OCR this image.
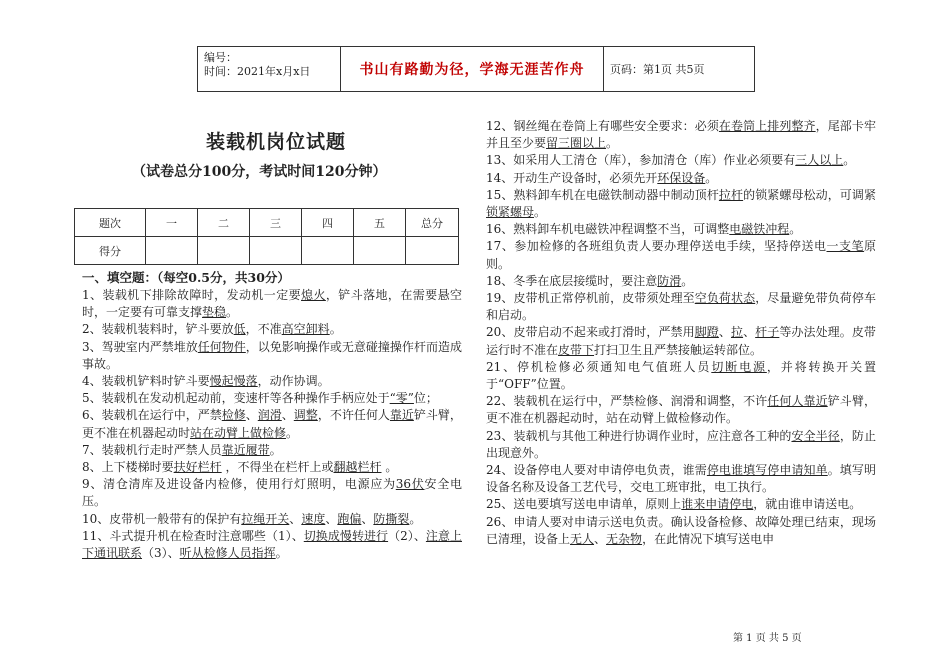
编号：
时间：2021年x月x日	书山有路勤为径，学海无涯苦作舟	页码：第1页 共5页
装载机岗位试题
（试卷总分100分，考试时间120分钟）
题次	一	二	三	四	五	总分
得分						
一、填空题：（每空0.5分，共30分）

1、装载机下排除故障时，发动机一定要熄火，铲斗落地，在需要悬空时，一定要有可靠支撑垫稳。

2、装载机装料时，铲斗要放低，不准高空卸料。

3、驾驶室内严禁堆放任何物件，以免影响操作或无意碰撞操作杆而造成事故。

4、装载机铲料时铲斗要慢起慢落，动作协调。

5、装载机在发动机起动前，变速杆等各种操作手柄应处于“零”位；

6、装载机在运行中，严禁检修、润滑、调整，不许任何人靠近铲斗臂，更不准在机器起动时站在动臂上做检修。

7、装载机行走时严禁人员靠近履带。

8、上下楼梯时要扶好栏杆 ，不得坐在栏杆上或翻越栏杆 。

9、清仓清库及进设备内检修，使用行灯照明，电源应为36伏安全电压。

10、皮带机一般带有的保护有拉绳开关、速度、跑偏、防撕裂。

11、斗式提升机在检查时注意哪些（1）、切换成慢转进行（2）、注意上下通讯联系（3）、听从检修人员指挥。

12、钢丝绳在卷筒上有哪些安全要求：必须在卷筒上排列整齐，尾部卡牢并且至少要留三圈以上。

13、如采用人工清仓（库），参加清仓（库）作业必须要有三人以上。

14、开动生产设备时，必须先开环保设备。

15、熟料卸车机在电磁铁制动器中制动顶杆拉杆的锁紧螺母松动，可调紧锁紧螺母。

16、熟料卸车机电磁铁冲程调整不当，可调整电磁铁冲程。

17、参加检修的各班组负责人要办理停送电手续，坚持停送电一支笔原则。

18、冬季在底层接缆时，要注意防滑。

19、皮带机正常停机前，皮带须处理至空负荷状态，尽量避免带负荷停车和启动。

20、皮带启动不起来或打滑时，严禁用脚蹬、拉、杆子等办法处理。皮带运行时不准在皮带下打扫卫生且严禁接触运转部位。

21、停机检修必须通知电气值班人员切断电源，并将转换开关置于“OFF”位置。

22、装载机在运行中，严禁检修、润滑和调整，不许任何人靠近铲斗臂，更不准在机器起动时，站在动臂上做检修动作。

23、装载机与其他工种进行协调作业时，应注意各工种的安全半径，防止出现意外。

24、设备停电人要对申请停电负责，谁需停电谁填写停申请知单。填写明设备名称及设备工艺代号，交电工班审批，电工执行。

25、送电要填写送电申请单，原则上谁来申请停电，就由谁申请送电。

26、申请人要对申请示送电负责。确认设备检修、故障处理已结束，现场已清理，设备上无人、无杂物，在此情况下填写送电申

第 1 页 共 5 页
